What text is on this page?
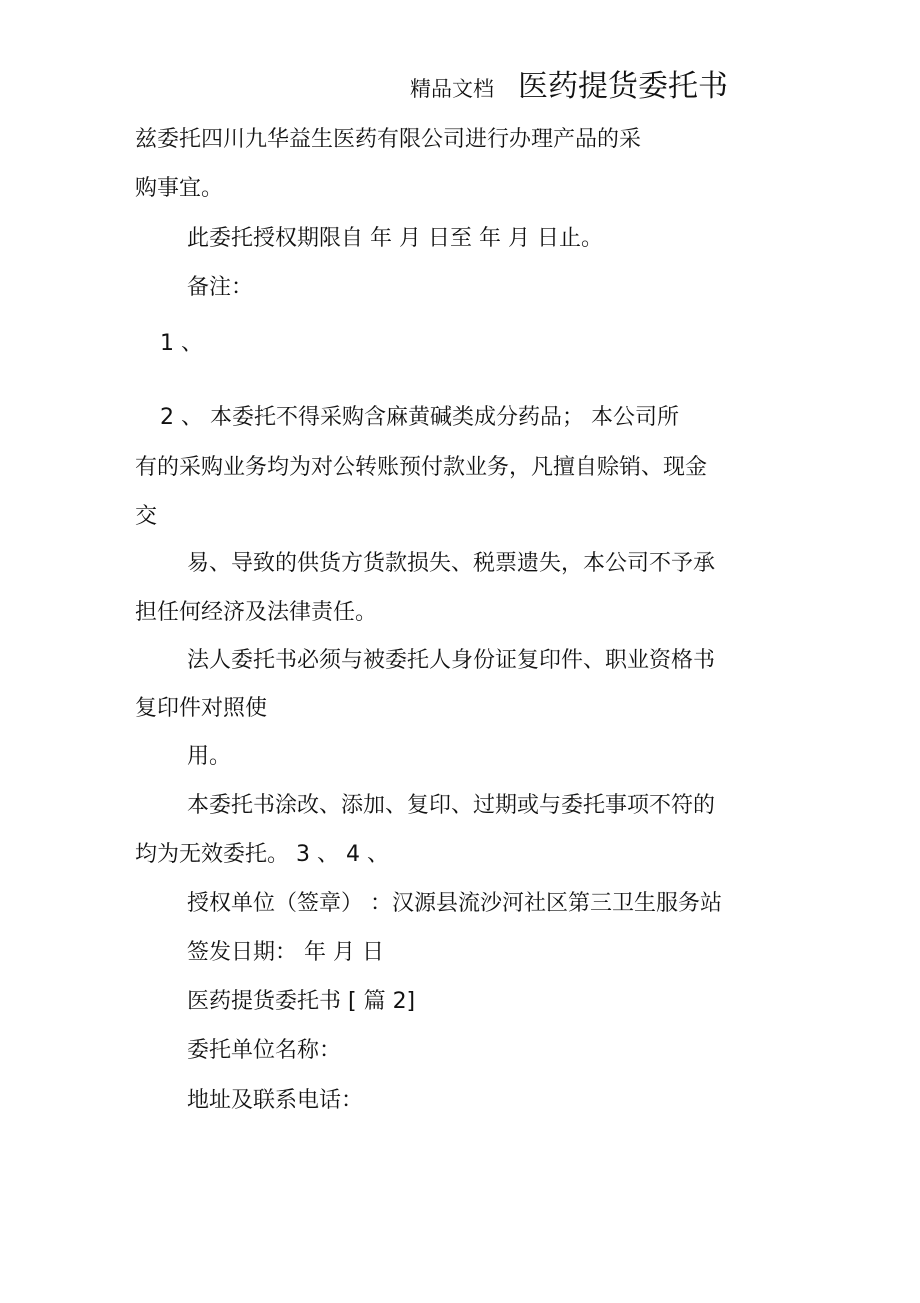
精品文档 医药提货委托书
兹委托四川九华益生医药有限公司进行办理产品的采
购事宜。
此委托授权期限自 年 月 日至 年 月 日止。
备注：
1 、
2 、 本委托不得采购含麻黄碱类成分药品； 本公司所
有的采购业务均为对公转账预付款业务，凡擅自赊销、现金
交
易、导致的供货方货款损失、税票遗失，本公司不予承
担任何经济及法律责任。
法人委托书必须与被委托人身份证复印件、职业资格书
复印件对照使
用。
本委托书涂改、添加、复印、过期或与委托事项不符的
均为无效委托。 3 、 4 、
授权单位（签章） ：汉源县流沙河社区第三卫生服务站
签发日期： 年 月 日
医药提货委托书 [ 篇 2]
委托单位名称：
地址及联系电话：
